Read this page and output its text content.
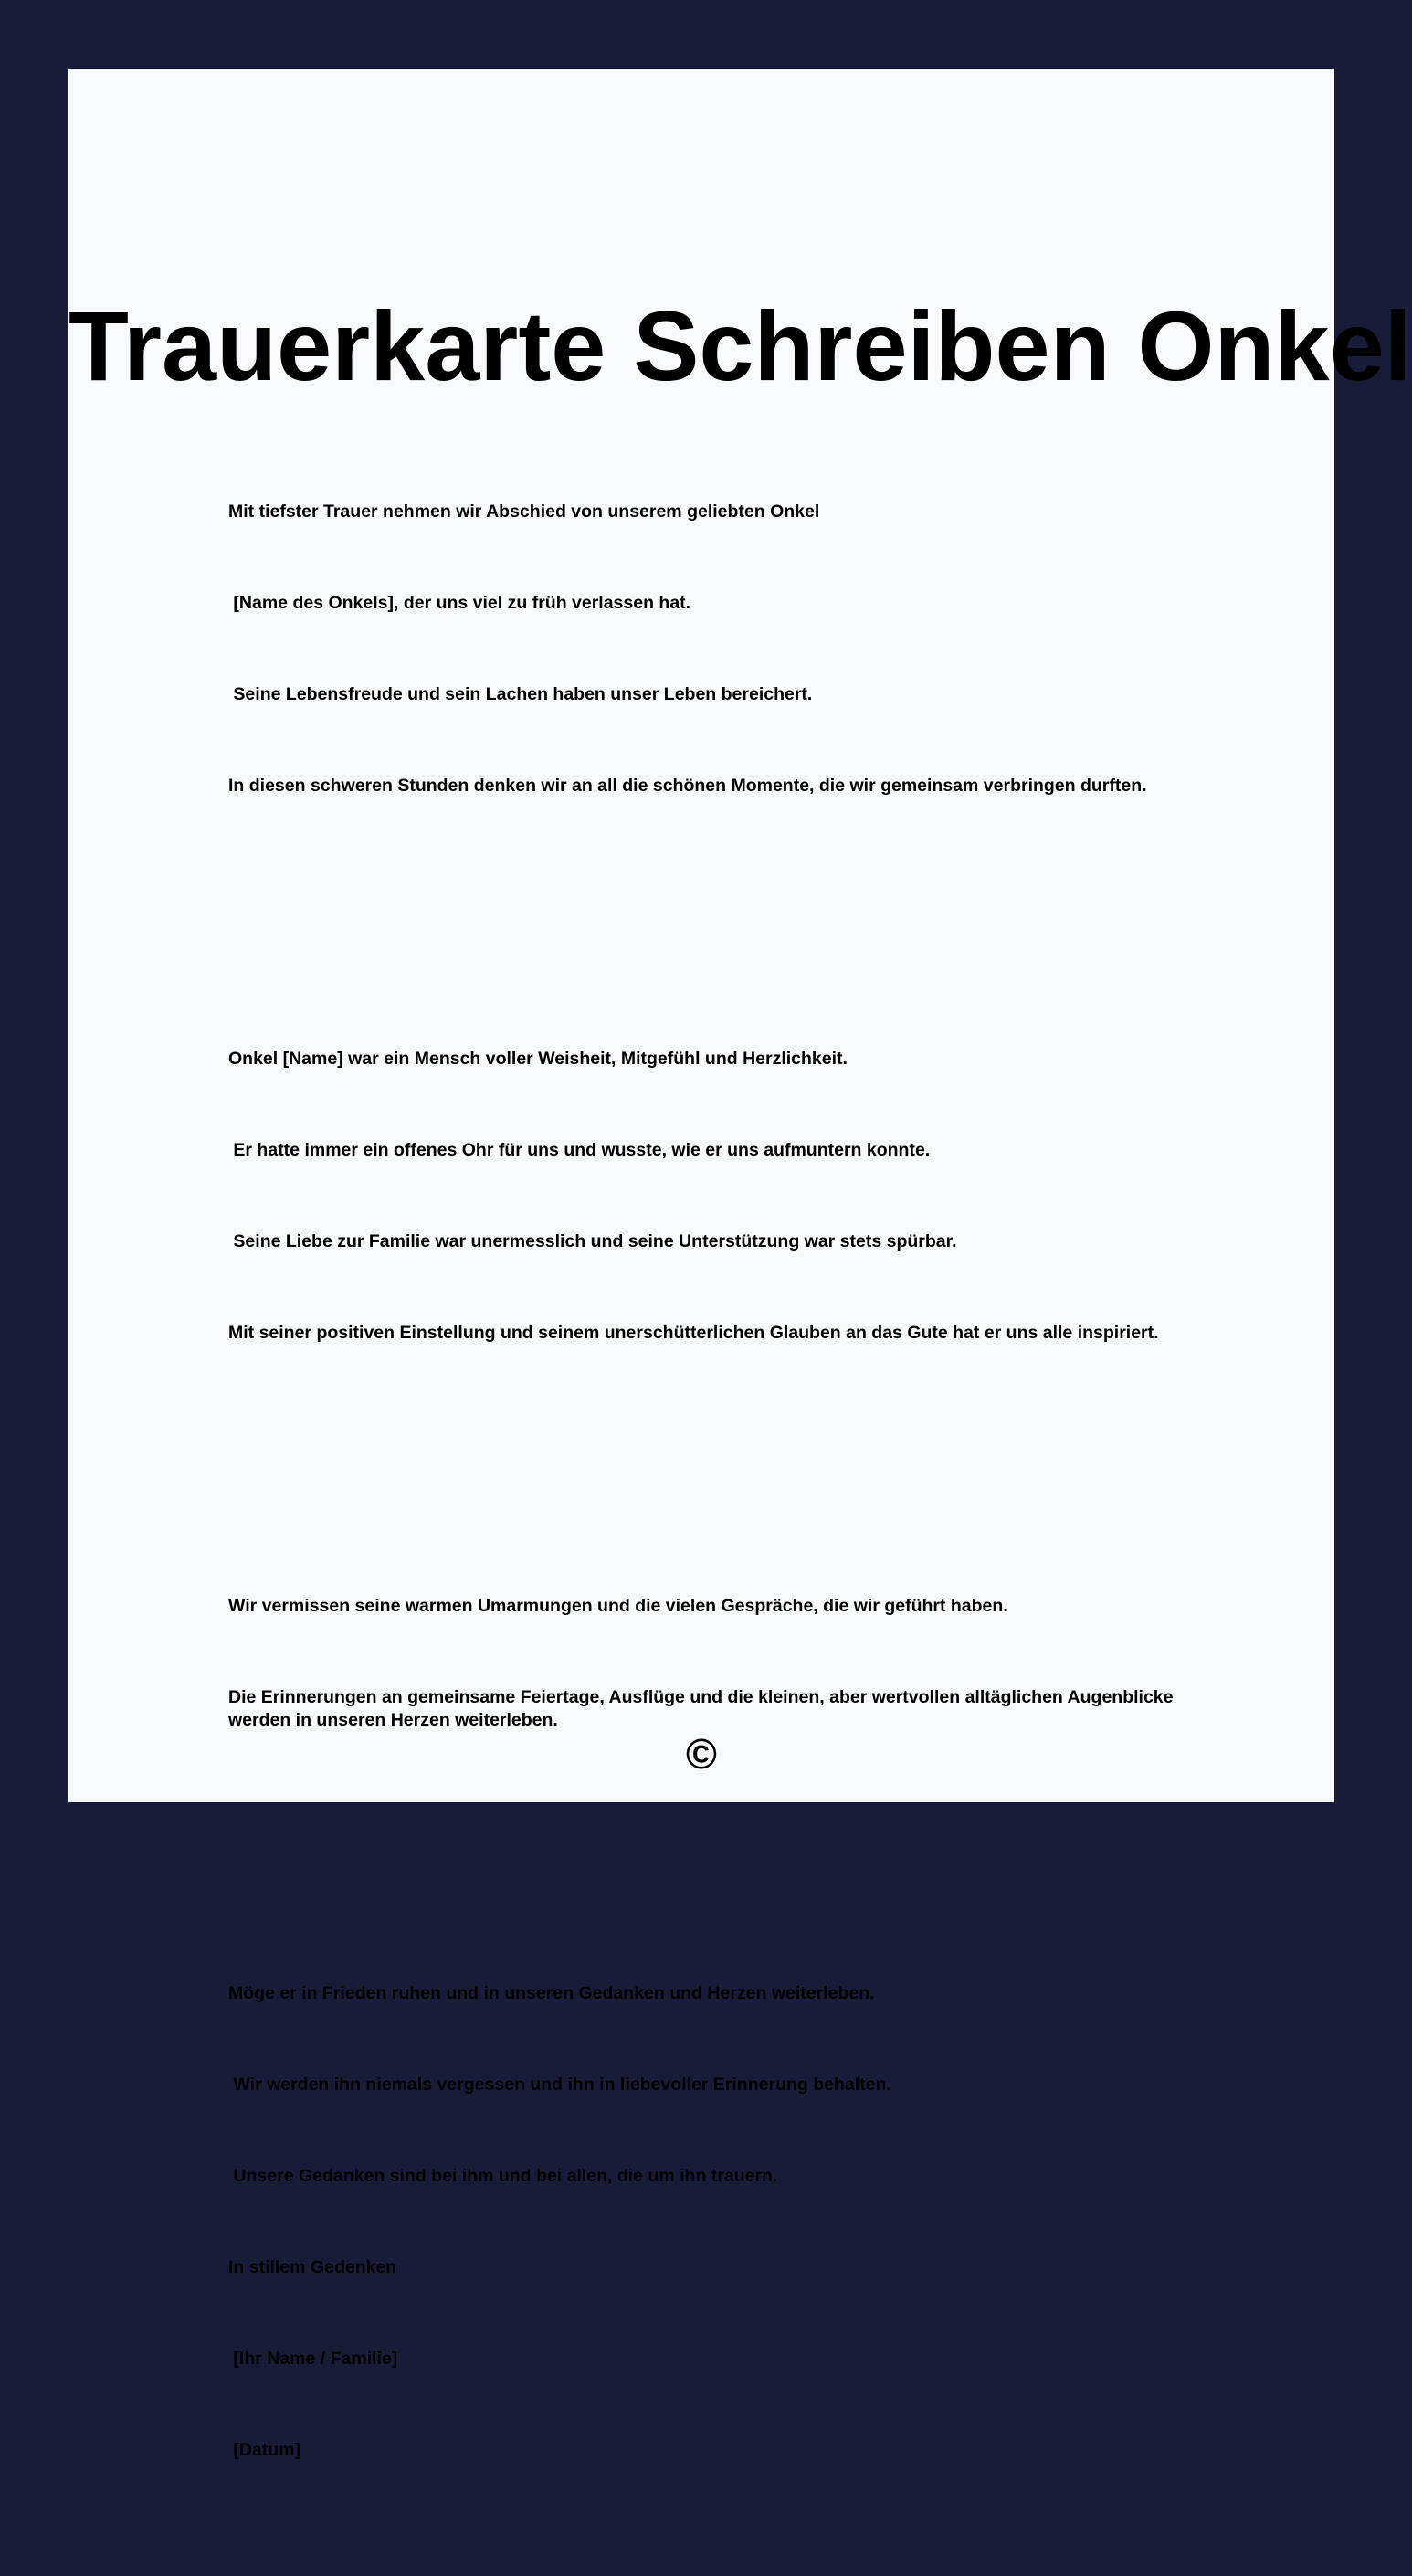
Trauerkarte Schreiben Onkel

Mit tiefster Trauer nehmen wir Abschied von unserem geliebten Onkel

[Name des Onkels], der uns viel zu früh verlassen hat.

Seine Lebensfreude und sein Lachen haben unser Leben bereichert.

In diesen schweren Stunden denken wir an all die schönen Momente, die wir gemeinsam verbringen durften.

Onkel [Name] war ein Mensch voller Weisheit, Mitgefühl und Herzlichkeit.

Er hatte immer ein offenes Ohr für uns und wusste, wie er uns aufmuntern konnte.

Seine Liebe zur Familie war unermesslich und seine Unterstützung war stets spürbar.

Mit seiner positiven Einstellung und seinem unerschütterlichen Glauben an das Gute hat er uns alle inspiriert.

Wir vermissen seine warmen Umarmungen und die vielen Gespräche, die wir geführt haben.

Die Erinnerungen an gemeinsame Feiertage, Ausflüge und die kleinen, aber wertvollen alltäglichen Augenblicke werden in unseren Herzen weiterleben.

Möge er in Frieden ruhen und in unseren Gedanken und Herzen weiterleben.

Wir werden ihn niemals vergessen und ihn in liebevoller Erinnerung behalten.

Unsere Gedanken sind bei ihm und bei allen, die um ihn trauern.

In stillem Gedenken

[Ihr Name / Familie]

[Datum]

©
